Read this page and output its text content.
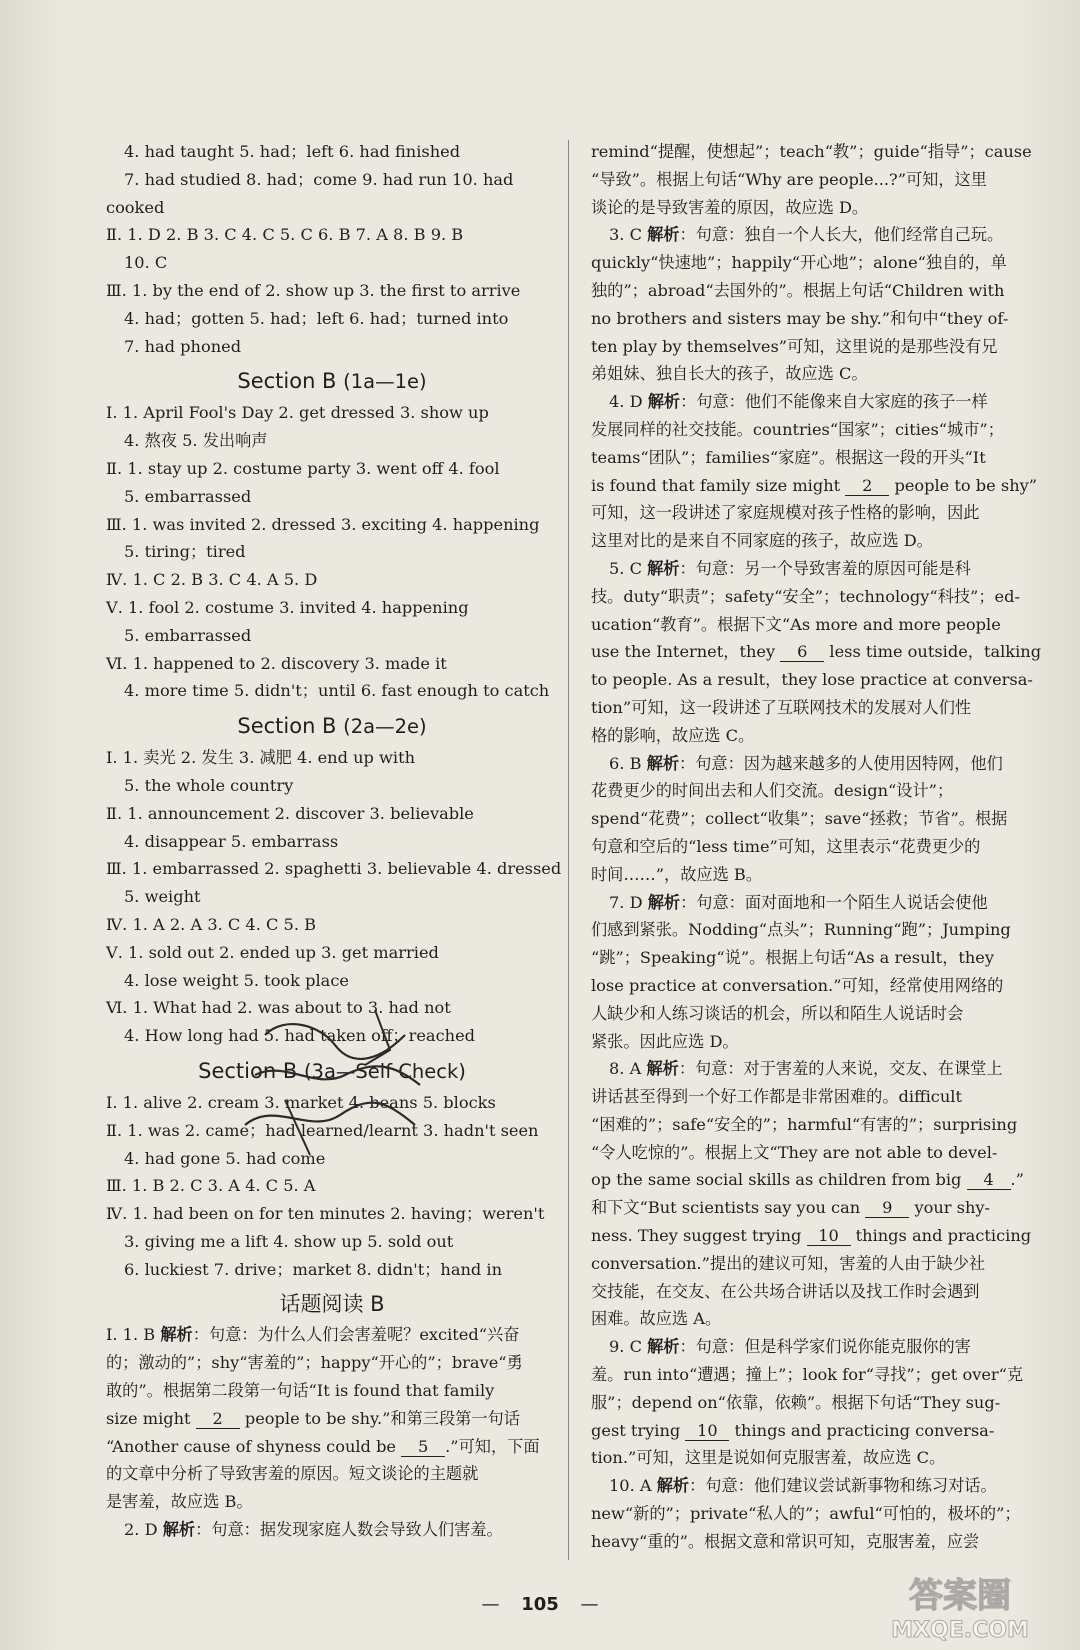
4. had taught 5. had；left 6. had finished
7. had studied 8. had；come 9. had run 10. had
cooked
Ⅱ. 1. D 2. B 3. C 4. C 5. C 6. B 7. A 8. B 9. B
10. C
Ⅲ. 1. by the end of 2. show up 3. the first to arrive
4. had；gotten 5. had；left 6. had；turned into
7. had phoned
Section B (1a—1e)
Ⅰ. 1. April Fool's Day 2. get dressed 3. show up
4. 熬夜 5. 发出响声
Ⅱ. 1. stay up 2. costume party 3. went off 4. fool
5. embarrassed
Ⅲ. 1. was invited 2. dressed 3. exciting 4. happening
5. tiring；tired
Ⅳ. 1. C 2. B 3. C 4. A 5. D
Ⅴ. 1. fool 2. costume 3. invited 4. happening
5. embarrassed
Ⅵ. 1. happened to 2. discovery 3. made it
4. more time 5. didn't；until 6. fast enough to catch
Section B (2a—2e)
Ⅰ. 1. 卖光 2. 发生 3. 减肥 4. end up with
5. the whole country
Ⅱ. 1. announcement 2. discover 3. believable
4. disappear 5. embarrass
Ⅲ. 1. embarrassed 2. spaghetti 3. believable 4. dressed
5. weight
Ⅳ. 1. A 2. A 3. C 4. C 5. B
Ⅴ. 1. sold out 2. ended up 3. get married
4. lose weight 5. took place
Ⅵ. 1. What had 2. was about to 3. had not
4. How long had 5. had taken off；reached
Section B (3a—Self Check)
Ⅰ. 1. alive 2. cream 3. market 4. beans 5. blocks
Ⅱ. 1. was 2. came；had learned/learnt 3. hadn't seen
4. had gone 5. had come
Ⅲ. 1. B 2. C 3. A 4. C 5. A
Ⅳ. 1. had been on for ten minutes 2. having；weren't
3. giving me a lift 4. show up 5. sold out
6. luckiest 7. drive；market 8. didn't；hand in
话题阅读 B
Ⅰ. 1. B 解析：句意：为什么人们会害羞呢？excited“兴奋
的；激动的”；shy“害羞的”；happy“开心的”；brave“勇
敢的”。根据第二段第一句话“It is found that family
size might 2 people to be shy.”和第三段第一句话
“Another cause of shyness could be 5 .”可知，下面
的文章中分析了导致害羞的原因。短文谈论的主题就
是害羞，故应选 B。
2. D 解析：句意：据发现家庭人数会导致人们害羞。
remind“提醒，使想起”；teach“教”；guide“指导”；cause
“导致”。根据上句话“Why are people...?”可知，这里
谈论的是导致害羞的原因，故应选 D。
3. C 解析：句意：独自一个人长大，他们经常自己玩。
quickly“快速地”；happily“开心地”；alone“独自的，单
独的”；abroad“去国外的”。根据上句话“Children with
no brothers and sisters may be shy.”和句中“they of-
ten play by themselves”可知，这里说的是那些没有兄
弟姐妹、独自长大的孩子，故应选 C。
4. D 解析：句意：他们不能像来自大家庭的孩子一样
发展同样的社交技能。countries“国家”；cities“城市”；
teams“团队”；families“家庭”。根据这一段的开头“It
is found that family size might 2 people to be shy”
可知，这一段讲述了家庭规模对孩子性格的影响，因此
这里对比的是来自不同家庭的孩子，故应选 D。
5. C 解析：句意：另一个导致害羞的原因可能是科
技。duty“职责”；safety“安全”；technology“科技”；ed-
ucation“教育”。根据下文“As more and more people
use the Internet，they 6 less time outside，talking
to people. As a result，they lose practice at conversa-
tion”可知，这一段讲述了互联网技术的发展对人们性
格的影响，故应选 C。
6. B 解析：句意：因为越来越多的人使用因特网，他们
花费更少的时间出去和人们交流。design“设计”；
spend“花费”；collect“收集”；save“拯救；节省”。根据
句意和空后的“less time”可知，这里表示“花费更少的
时间……”，故应选 B。
7. D 解析：句意：面对面地和一个陌生人说话会使他
们感到紧张。Nodding“点头”；Running“跑”；Jumping
“跳”；Speaking“说”。根据上句话“As a result，they
lose practice at conversation.”可知，经常使用网络的
人缺少和人练习谈话的机会，所以和陌生人说话时会
紧张。因此应选 D。
8. A 解析：句意：对于害羞的人来说，交友、在课堂上
讲话甚至得到一个好工作都是非常困难的。difficult
“困难的”；safe“安全的”；harmful“有害的”；surprising
“令人吃惊的”。根据上文“They are not able to devel-
op the same social skills as children from big 4 .”
和下文“But scientists say you can 9 your shy-
ness. They suggest trying 10 things and practicing
conversation.”提出的建议可知，害羞的人由于缺少社
交技能，在交友、在公共场合讲话以及找工作时会遇到
困难。故应选 A。
9. C 解析：句意：但是科学家们说你能克服你的害
羞。run into“遭遇；撞上”；look for“寻找”；get over“克
服”；depend on“依靠，依赖”。根据下句话“They sug-
gest trying 10 things and practicing conversa-
tion.”可知，这里是说如何克服害羞，故应选 C。
10. A 解析：句意：他们建议尝试新事物和练习对话。
new“新的”；private“私人的”；awful“可怕的，极坏的”；
heavy“重的”。根据文意和常识可知，克服害羞，应尝
— 105 —	答案圈
MXQE.COM
